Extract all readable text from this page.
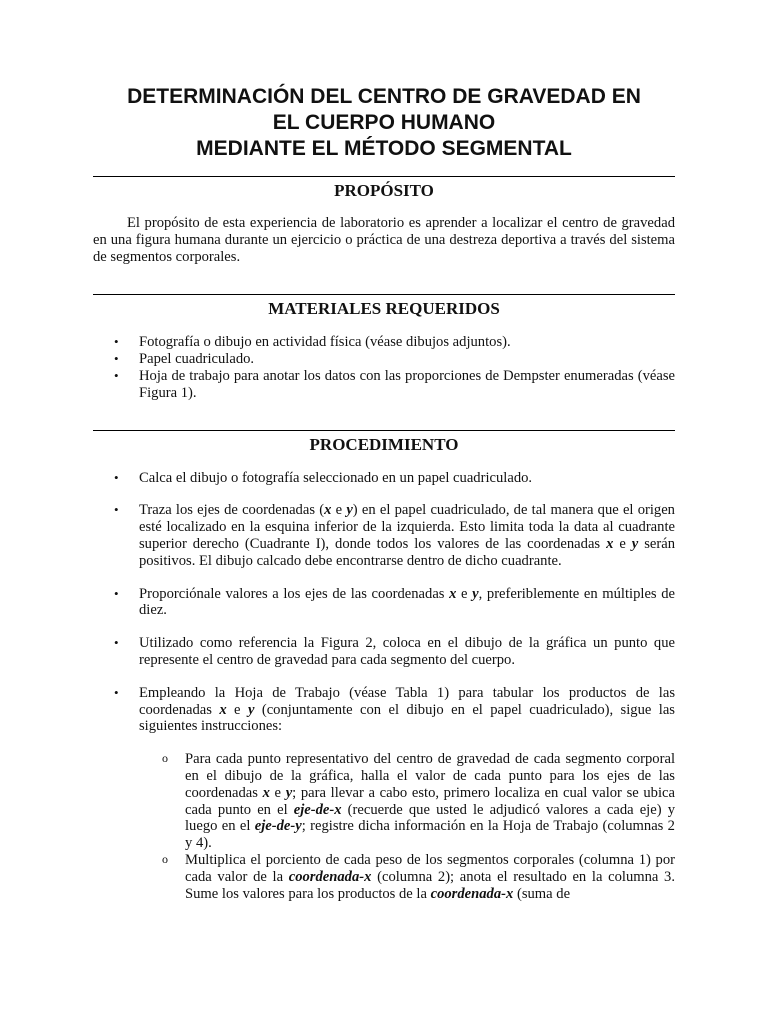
DETERMINACIÓN DEL CENTRO DE GRAVEDAD EN
EL CUERPO HUMANO
MEDIANTE EL MÉTODO SEGMENTAL
PROPÓSITO

El propósito de esta experiencia de laboratorio es aprender a localizar el centro de gravedad en una figura humana durante un ejercicio o práctica de una destreza deportiva a través del sistema de segmentos corporales.

MATERIALES REQUERIDOS
• Fotografía o dibujo en actividad física (véase dibujos adjuntos).
• Papel cuadriculado.
• Hoja de trabajo para anotar los datos con las proporciones de Dempster enumeradas (véase Figura 1).
PROCEDIMIENTO
• Calca el dibujo o fotografía seleccionado en un papel cuadriculado.
• Traza los ejes de coordenadas (x e y) en el papel cuadriculado, de tal manera que el origen esté localizado en la esquina inferior de la izquierda. Esto limita toda la data al cuadrante superior derecho (Cuadrante I), donde todos los valores de las coordenadas x e y serán positivos. El dibujo calcado debe encontrarse dentro de dicho cuadrante.
• Proporciónale valores a los ejes de las coordenadas x e y, preferiblemente en múltiples de diez.
• Utilizado como referencia la Figura 2, coloca en el dibujo de la gráfica un punto que represente el centro de gravedad para cada segmento del cuerpo.
• Empleando la Hoja de Trabajo (véase Tabla 1) para tabular los productos de las coordenadas x e y (conjuntamente con el dibujo en el papel cuadriculado), sigue las siguientes instrucciones:
o Para cada punto representativo del centro de gravedad de cada segmento corporal en el dibujo de la gráfica, halla el valor de cada punto para los ejes de las coordenadas x e y; para llevar a cabo esto, primero localiza en cual valor se ubica cada punto en el eje-de-x (recuerde que usted le adjudicó valores a cada eje) y luego en el eje-de-y; registre dicha información en la Hoja de Trabajo (columnas 2 y 4).
o Multiplica el porciento de cada peso de los segmentos corporales (columna 1) por cada valor de la coordenada-x (columna 2); anota el resultado en la columna 3. Sume los valores para los productos de la coordenada-x (suma de
